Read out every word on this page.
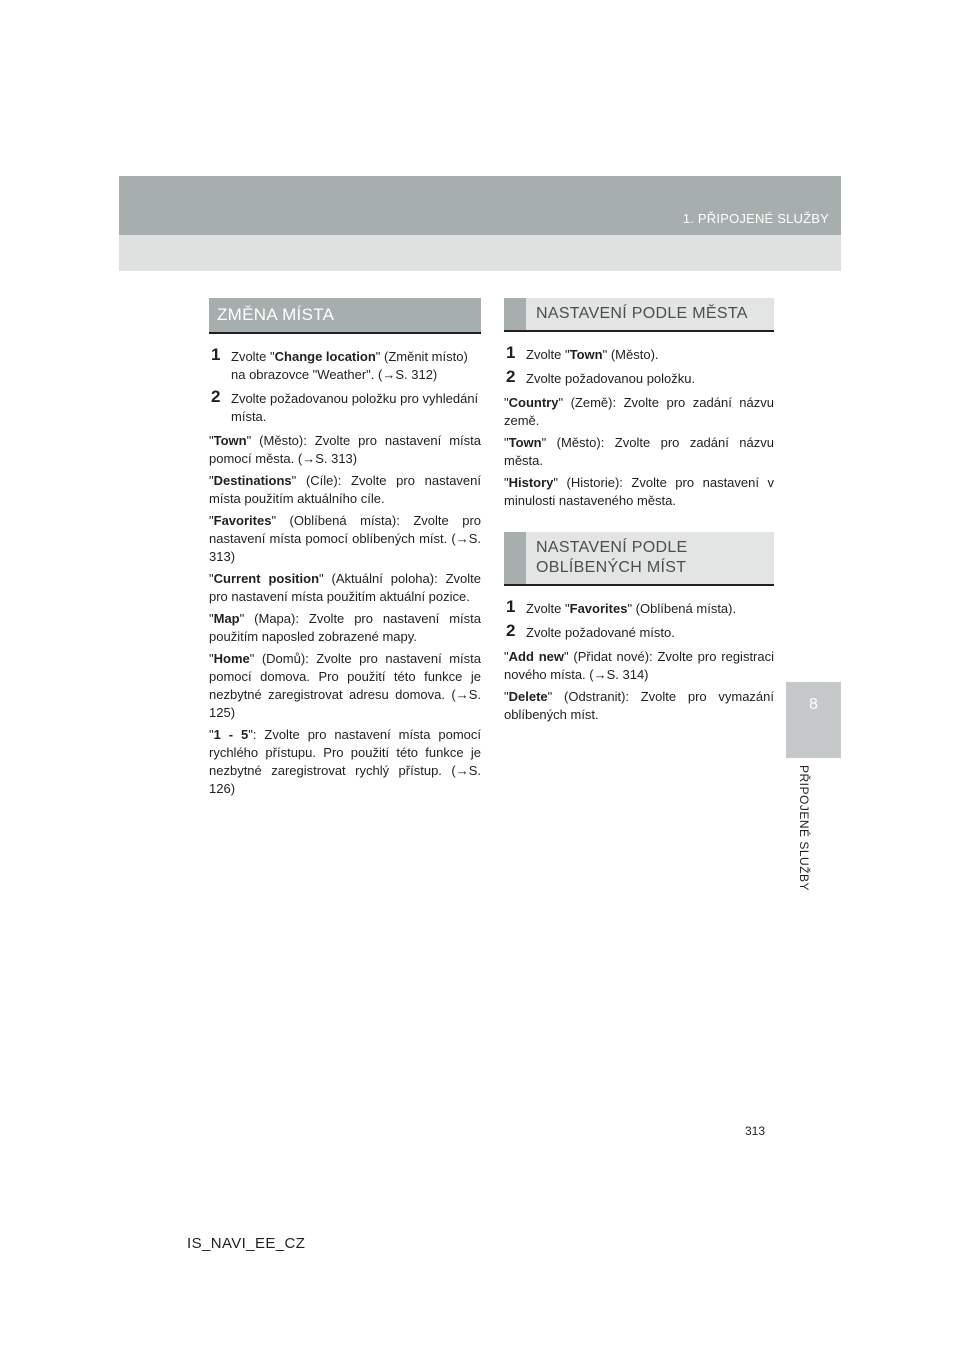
1. PŘIPOJENÉ SLUŽBY
8
PŘIPOJENÉ SLUŽBY
ZMĚNA MÍSTA
1 Zvolte "Change location" (Změnit místo) na obrazovce "Weather". (→S. 312)
2 Zvolte požadovanou položku pro vyhledání místa.
"Town" (Město): Zvolte pro nastavení místa pomocí města. (→S. 313)
"Destinations" (Cíle): Zvolte pro nastavení místa použitím aktuálního cíle.
"Favorites" (Oblíbená místa): Zvolte pro nastavení místa pomocí oblíbených míst. (→S. 313)
"Current position" (Aktuální poloha): Zvolte pro nastavení místa použitím aktuální pozice.
"Map" (Mapa): Zvolte pro nastavení místa použitím naposled zobrazené mapy.
"Home" (Domů): Zvolte pro nastavení místa pomocí domova. Pro použití této funkce je nezbytné zaregistrovat adresu domova. (→S. 125)
"1 - 5": Zvolte pro nastavení místa pomocí rychlého přístupu. Pro použití této funkce je nezbytné zaregistrovat rychlý přístup. (→S. 126)
NASTAVENÍ PODLE MĚSTA
1 Zvolte "Town" (Město).
2 Zvolte požadovanou položku.
"Country" (Země): Zvolte pro zadání názvu země.
"Town" (Město): Zvolte pro zadání názvu města.
"History" (Historie): Zvolte pro nastavení v minulosti nastaveného města.
NASTAVENÍ PODLE OBLÍBENÝCH MÍST
1 Zvolte "Favorites" (Oblíbená místa).
2 Zvolte požadované místo.
"Add new" (Přidat nové): Zvolte pro registraci nového místa. (→S. 314)
"Delete" (Odstranit): Zvolte pro vymazání oblíbených míst.
313
IS_NAVI_EE_CZ
